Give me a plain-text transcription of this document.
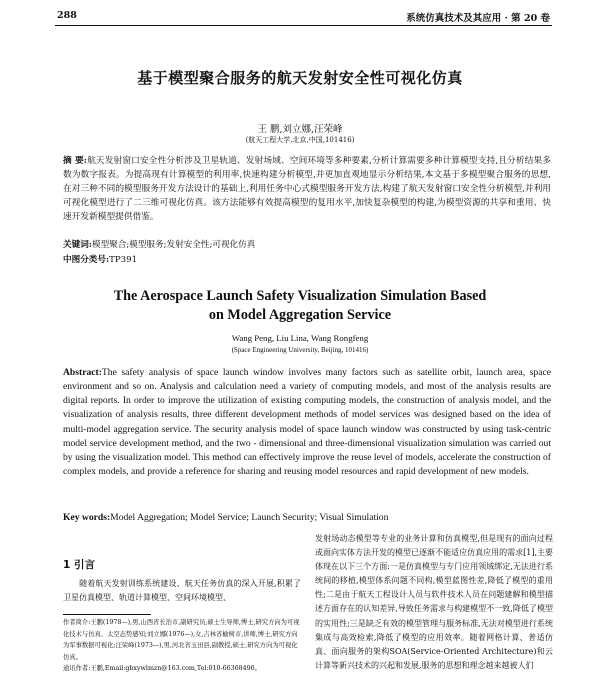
288	系统仿真技术及其应用 · 第 20 卷
基于模型聚合服务的航天发射安全性可视化仿真
王 鹏,刘立娜,汪荣峰
(航天工程大学,北京,中国,101416)
摘 要:航天发射窗口安全性分析涉及卫星轨道、发射场域、空间环境等多种要素,分析计算需要多种计算模型支持,且分析结果多数为数字报表。为提高现有计算模型的利用率,快速构建分析模型,并更加直观地显示分析结果,本文基于多模型聚合服务的思想,在对三种不同的模型服务开发方法设计的基础上,利用任务中心式模型服务开发方法,构建了航天发射窗口安全性分析模型,并利用可视化模型进行了二三维可视化仿真。该方法能够有效提高模型的复用水平,加快复杂模型的构建,为模型资源的共享和重用、快速开发新模型提供借鉴。
关键词:模型聚合;模型服务;发射安全性;可视化仿真
中图分类号:TP391
The Aerospace Launch Safety Visualization Simulation Based
on Model Aggregation Service
Wang Peng, Liu Lina, Wang Rongfeng
(Space Engineering University, Beijing, 101416)
Abstract:The safety analysis of space launch window involves many factors such as satellite orbit, launch area, space environment and so on. Analysis and calculation need a variety of computing models, and most of the analysis results are digital reports. In order to improve the utilization of existing computing models, the construction of analysis model, and the visualization of analysis results, three different development methods of model services was designed based on the idea of multi-model aggregation service. The security analysis model of space launch window was constructed by using task-centric model service development method, and the two - dimensional and three-dimensional visualization simulation was carried out by using the visualization model. This method can effectively improve the reuse level of models, accelerate the construction of complex models, and provide a reference for sharing and reusing model resources and rapid development of new models.
Key words:Model Aggregation; Model Service; Launch Security; Visual Simulation
1 引言
随着航天发射训练系统建设、航天任务仿真的深入开展,积累了卫星仿真模型、轨道计算模型、空间环境模型、
作者简介:王鹏(1978—),男,山西省长治市,副研究员,硕士生导师,博士,研究方向为可视化技术与仿真、太空态势感知;刘立娜(1976—),女,吉林省榆树市,讲师,博士,研究方向为军事数据可视化;汪荣峰(1973—),男,河北省玉田县,副教授,硕士,研究方向为可视化仿真。
通讯作者:王鹏,Email:gbxywlmzn@163.com,Tel:010-66368496。
发射场动态模型等专业的业务计算和仿真模型,但是现有的面向过程或面向实体方法开发的模型已逐渐不能适应仿真应用的需求[1],主要体现在以下三个方面:一是仿真模型与专门应用领域绑定,无法进行系统间的移植,模型体系问题不同构,模型蓝图性差,降低了模型的重用性;二是由于航天工程设计人员与软件技术人员在问题建解和模型描述方面存在的认知差异,导致任务需求与构建模型不一致,降低了模型的实用性;三是缺乏有效的模型管理与服务标准,无法对模型进行系统集成与高效检索,降低了模型的应用效率。随着网格计算、普适仿真、面向服务的架构SOA(Service-Oriented Architecture)和云计算等新兴技术的兴起和发展,服务的思想和理念越来越被人们
